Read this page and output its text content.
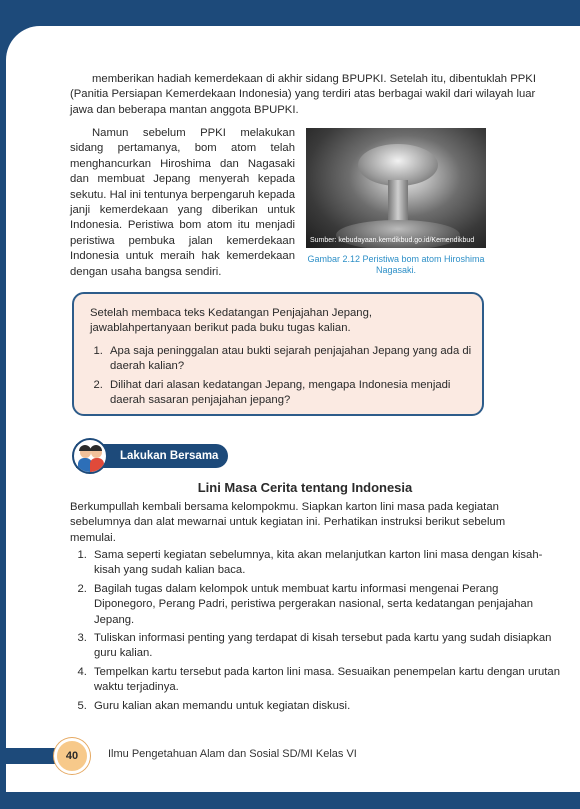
memberikan hadiah kemerdekaan di akhir sidang BPUPKI. Setelah itu, dibentuklah PPKI (Panitia Persiapan Kemerdekaan Indonesia) yang terdiri atas berbagai wakil dari wilayah luar jawa dan beberapa mantan anggota BPUPKI.

Namun sebelum PPKI melakukan sidang pertamanya, bom atom telah menghancurkan Hiroshima dan Nagasaki dan membuat Jepang menyerah kepada sekutu. Hal ini tentunya berpengaruh kepada janji kemerdekaan yang diberikan untuk Indonesia. Peristiwa bom atom itu menjadi peristiwa pembuka jalan kemerdekaan Indonesia untuk meraih hak kemerdekaan dengan usaha bangsa sendiri.

Sumber: kebudayaan.kemdikbud.go.id/Kemendikbud
Gambar 2.12 Peristiwa bom atom Hiroshima Nagasaki.
Setelah membaca teks Kedatangan Penjajahan Jepang, jawablahpertanyaan berikut pada buku tugas kalian.
1. Apa saja peninggalan atau bukti sejarah penjajahan Jepang yang ada di daerah kalian?
2. Dilihat dari alasan kedatangan Jepang, mengapa Indonesia menjadi daerah sasaran penjajahan jepang?
Lakukan Bersama
Lini Masa Cerita tentang Indonesia

Berkumpullah kembali bersama kelompokmu. Siapkan karton lini masa pada kegiatan sebelumnya dan alat mewarnai untuk kegiatan ini. Perhatikan instruksi berikut sebelum memulai.

1. Sama seperti kegiatan sebelumnya, kita akan melanjutkan karton lini masa dengan kisah-kisah yang sudah kalian baca.
2. Bagilah tugas dalam kelompok untuk membuat kartu informasi mengenai Perang Diponegoro, Perang Padri, peristiwa pergerakan nasional, serta kedatangan penjajahan Jepang.
3. Tuliskan informasi penting yang terdapat di kisah tersebut pada kartu yang sudah disiapkan guru kalian.
4. Tempelkan kartu tersebut pada karton lini masa. Sesuaikan penempelan kartu dengan urutan waktu terjadinya.
5. Guru kalian akan memandu untuk kegiatan diskusi.
40	Ilmu Pengetahuan Alam dan Sosial SD/MI Kelas VI
